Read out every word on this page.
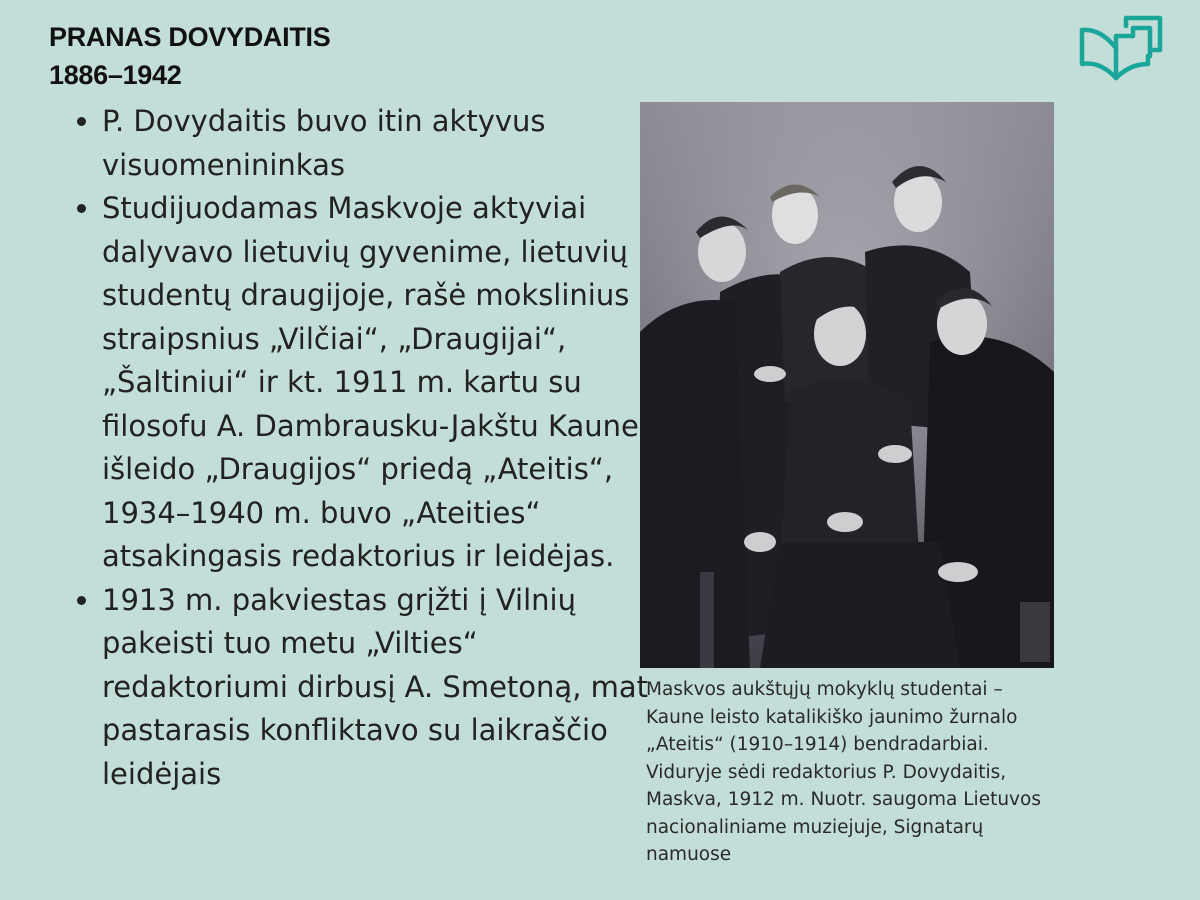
PRANAS DOVYDAITIS
1886–1942
• P. Dovydaitis buvo itin aktyvus visuomenininkas
• Studijuodamas Maskvoje aktyviai dalyvavo lietuvių gyvenime, lietuvių studentų draugijoje, rašė mokslinius straipsnius „Vilčiai“, „Draugijai“, „Šaltiniui“ ir kt. 1911 m. kartu su filosofu A. Dambrausku-Jakštu Kaune išleido „Draugijos“ priedą „Ateitis“, 1934–1940 m. buvo „Ateities“ atsakingasis redaktorius ir leidėjas.
• 1913 m. pakviestas grįžti į Vilnių pakeisti tuo metu „Vilties“ redaktoriumi dirbusį A. Smetoną, mat pastarasis konfliktavo su laikraščio leidėjais
Maskvos aukštųjų mokyklų studentai – Kaune leisto katalikiško jaunimo žurnalo „Ateitis“ (1910–1914) bendradarbiai. Viduryje sėdi redaktorius P. Dovydaitis, Maskva, 1912 m. Nuotr. saugoma Lietuvos nacionaliniame muziejuje, Signatarų namuose
